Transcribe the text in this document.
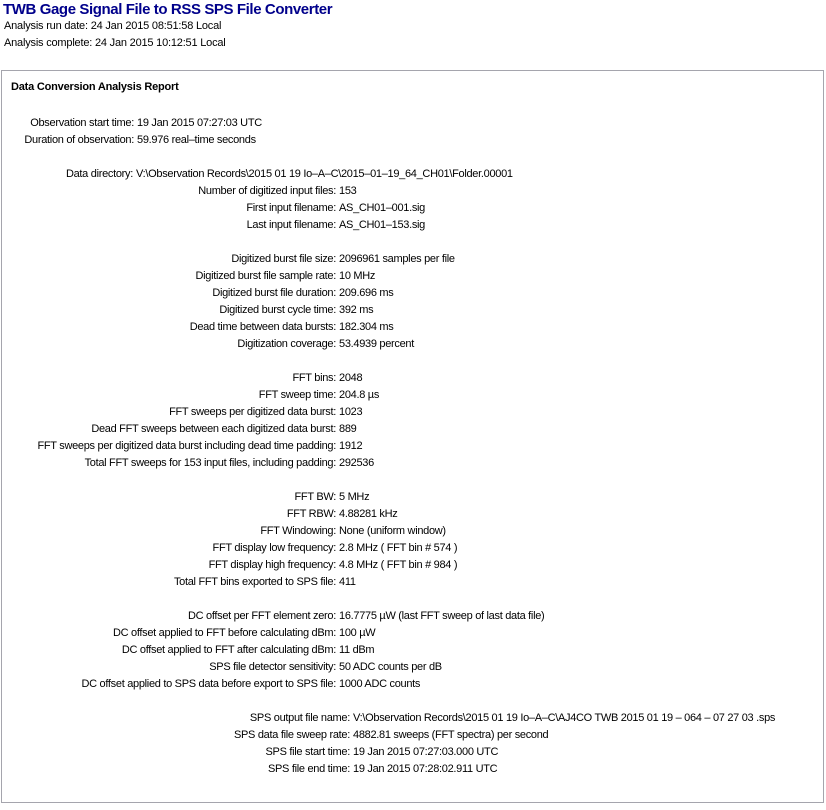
TWB Gage Signal File to RSS SPS File Converter
Analysis run date: 24 Jan 2015 08:51:58 Local
Analysis complete: 24 Jan 2015 10:12:51 Local
Data Conversion Analysis Report
Observation start time: 19 Jan 2015 07:27:03 UTC
Duration of observation: 59.976 real–time seconds
Data directory: V:\Observation Records\2015 01 19 Io–A–C\2015–01–19_64_CH01\Folder.00001
Number of digitized input files: 153
First input filename: AS_CH01–001.sig
Last input filename: AS_CH01–153.sig
Digitized burst file size: 2096961 samples per file
Digitized burst file sample rate: 10 MHz
Digitized burst file duration: 209.696 ms
Digitized burst cycle time: 392 ms
Dead time between data bursts: 182.304 ms
Digitization coverage: 53.4939 percent
FFT bins: 2048
FFT sweep time: 204.8 µs
FFT sweeps per digitized data burst: 1023
Dead FFT sweeps between each digitized data burst: 889
FFT sweeps per digitized data burst including dead time padding: 1912
Total FFT sweeps for 153 input files, including padding: 292536
FFT BW: 5 MHz
FFT RBW: 4.88281 kHz
FFT Windowing: None (uniform window)
FFT display low frequency: 2.8 MHz ( FFT bin # 574 )
FFT display high frequency: 4.8 MHz ( FFT bin # 984 )
Total FFT bins exported to SPS file: 411
DC offset per FFT element zero: 16.7775 µW (last FFT sweep of last data file)
DC offset applied to FFT before calculating dBm: 100 µW
DC offset applied to FFT after calculating dBm: 11 dBm
SPS file detector sensitivity: 50 ADC counts per dB
DC offset applied to SPS data before export to SPS file: 1000 ADC counts
SPS output file name: V:\Observation Records\2015 01 19 Io–A–C\AJ4CO TWB 2015 01 19 – 064 – 07 27 03 .sps
SPS data file sweep rate: 4882.81 sweeps (FFT spectra) per second
SPS file start time: 19 Jan 2015 07:27:03.000 UTC
SPS file end time: 19 Jan 2015 07:28:02.911 UTC
